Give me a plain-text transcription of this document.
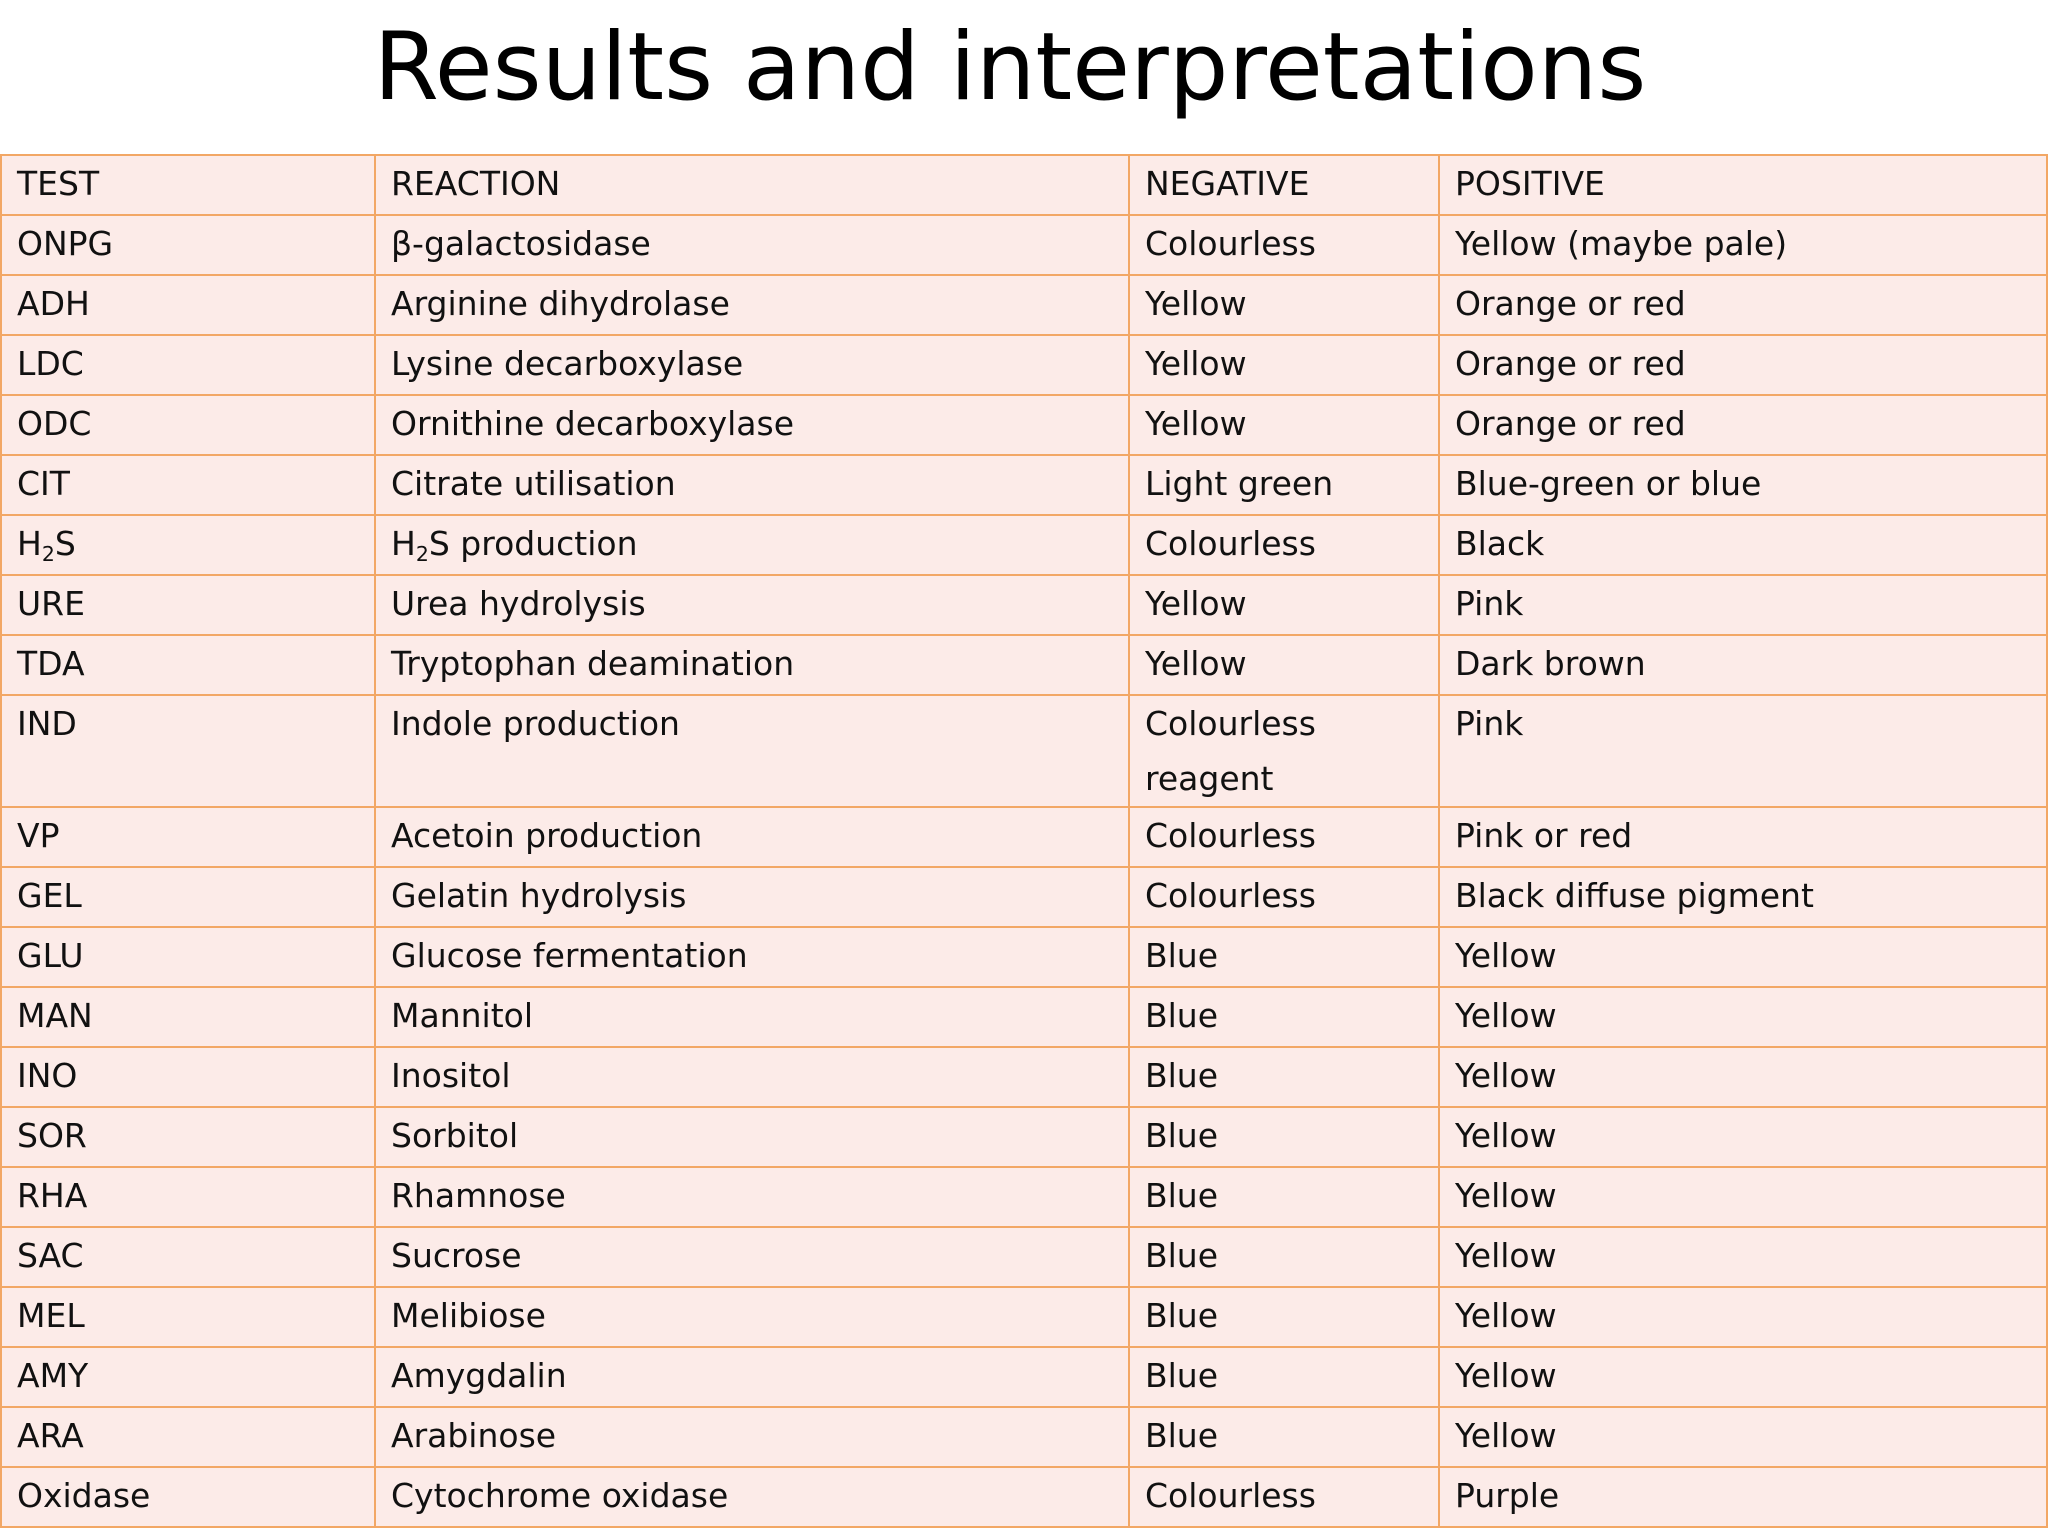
Results and interpretations
TEST	REACTION	NEGATIVE	POSITIVE
ONPG	β-galactosidase	Colourless	Yellow (maybe pale)
ADH	Arginine dihydrolase	Yellow	Orange or red
LDC	Lysine decarboxylase	Yellow	Orange or red
ODC	Ornithine decarboxylase	Yellow	Orange or red
CIT	Citrate utilisation	Light green	Blue-green or blue
$H_2S$	$H_2S$ production	Colourless	Black
URE	Urea hydrolysis	Yellow	Pink
TDA	Tryptophan deamination	Yellow	Dark brown
IND	Indole production	Colourless reagent	Pink
VP	Acetoin production	Colourless	Pink or red
GEL	Gelatin hydrolysis	Colourless	Black diffuse pigment
GLU	Glucose fermentation	Blue	Yellow
MAN	Mannitol	Blue	Yellow
INO	Inositol	Blue	Yellow
SOR	Sorbitol	Blue	Yellow
RHA	Rhamnose	Blue	Yellow
SAC	Sucrose	Blue	Yellow
MEL	Melibiose	Blue	Yellow
AMY	Amygdalin	Blue	Yellow
ARA	Arabinose	Blue	Yellow
Oxidase	Cytochrome oxidase	Colourless	Purple
